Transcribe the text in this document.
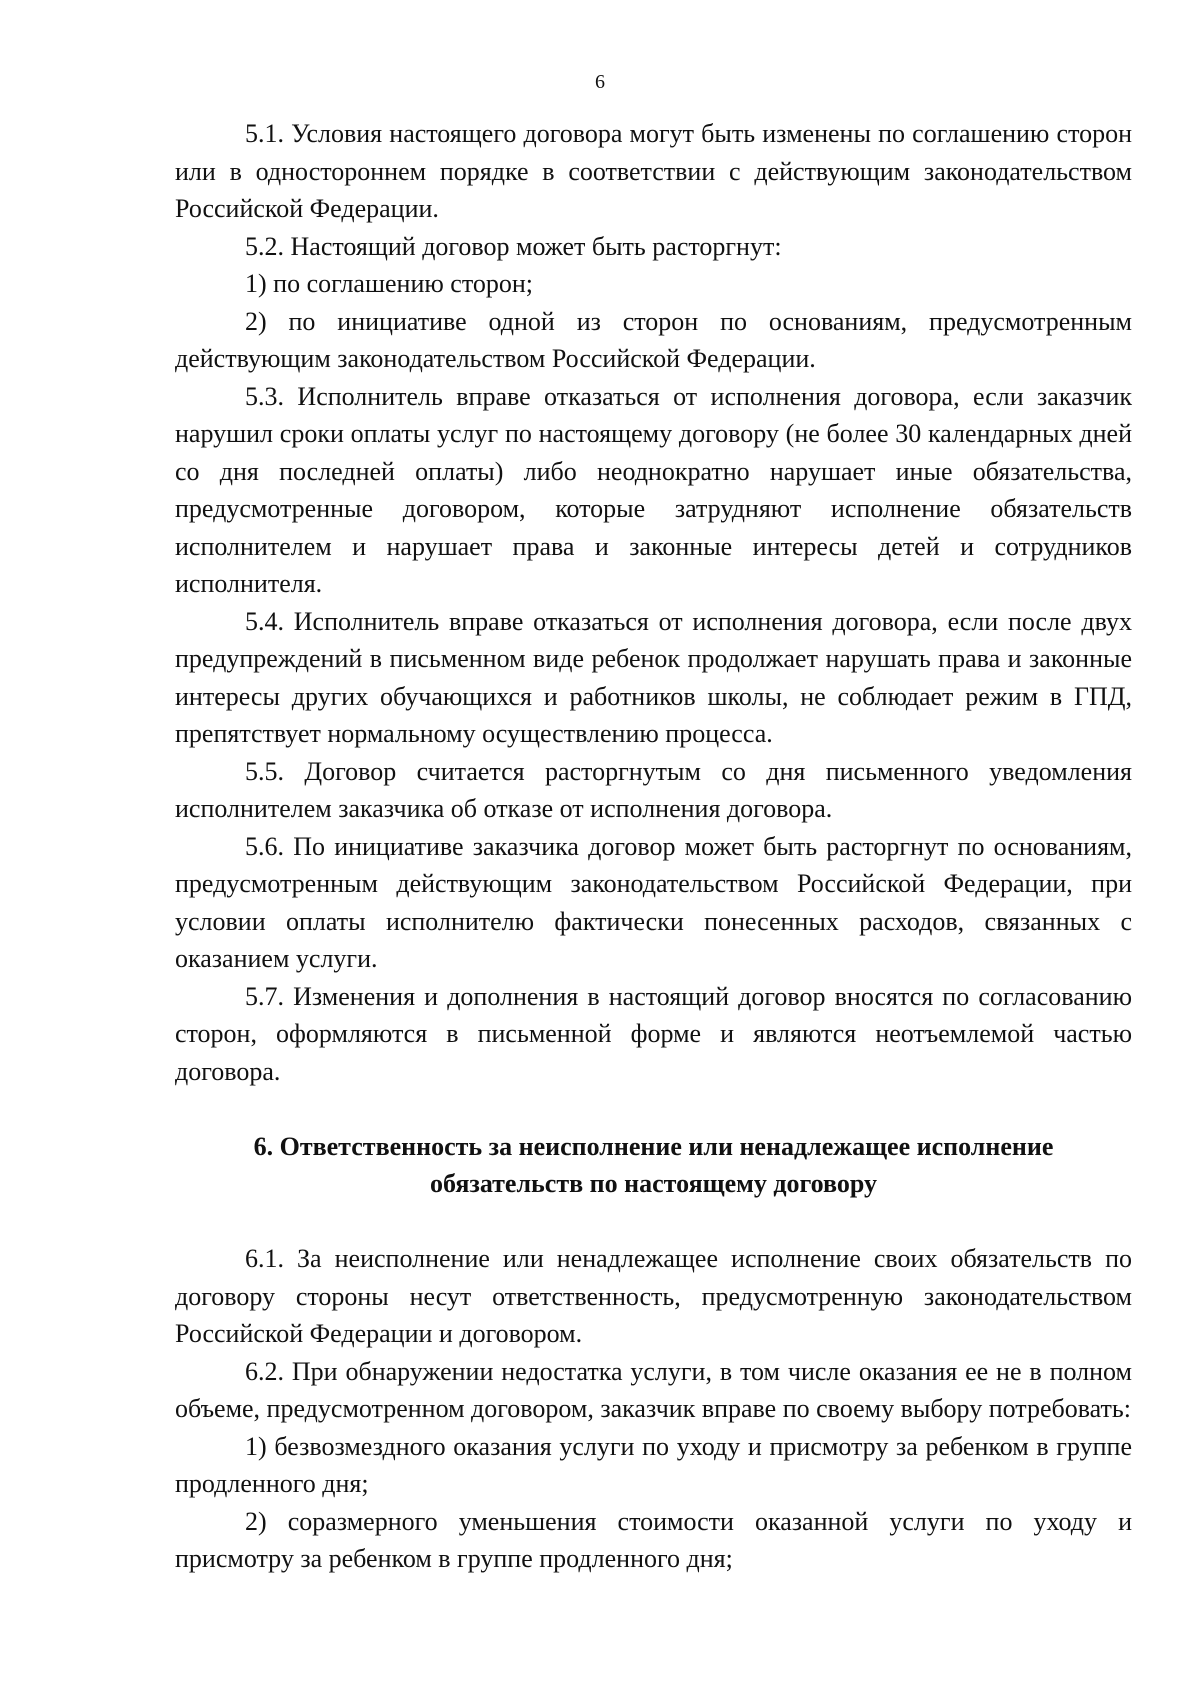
6

5.1. Условия настоящего договора могут быть изменены по соглашению сторон или в одностороннем порядке в соответствии с действующим законодательством Российской Федерации.

5.2. Настоящий договор может быть расторгнут:

1) по соглашению сторон;

2) по инициативе одной из сторон по основаниям, предусмотренным действующим законодательством Российской Федерации.

5.3. Исполнитель вправе отказаться от исполнения договора, если заказчик нарушил сроки оплаты услуг по настоящему договору (не более 30 календарных дней со дня последней оплаты) либо неоднократно нарушает иные обязательства, предусмотренные договором, которые затрудняют исполнение обязательств исполнителем и нарушает права и законные интересы детей и сотрудников исполнителя.

5.4. Исполнитель вправе отказаться от исполнения договора, если после двух предупреждений в письменном виде ребенок продолжает нарушать права и законные интересы других обучающихся и работников школы, не соблюдает режим в ГПД, препятствует нормальному осуществлению процесса.

5.5. Договор считается расторгнутым со дня письменного уведомления исполнителем заказчика об отказе от исполнения договора.

5.6. По инициативе заказчика договор может быть расторгнут по основаниям, предусмотренным действующим законодательством Российской Федерации, при условии оплаты исполнителю фактически понесенных расходов, связанных с оказанием услуги.

5.7. Изменения и дополнения в настоящий договор вносятся по согласованию сторон, оформляются в письменной форме и являются неотъемлемой частью договора.

6. Ответственность за неисполнение или ненадлежащее исполнение обязательств по настоящему договору

6.1. За неисполнение или ненадлежащее исполнение своих обязательств по договору стороны несут ответственность, предусмотренную законодательством Российской Федерации и договором.

6.2. При обнаружении недостатка услуги, в том числе оказания ее не в полном объеме, предусмотренном договором, заказчик вправе по своему выбору потребовать:

1) безвозмездного оказания услуги по уходу и присмотру за ребенком в группе продленного дня;

2) соразмерного уменьшения стоимости оказанной услуги по уходу и присмотру за ребенком в группе продленного дня;
